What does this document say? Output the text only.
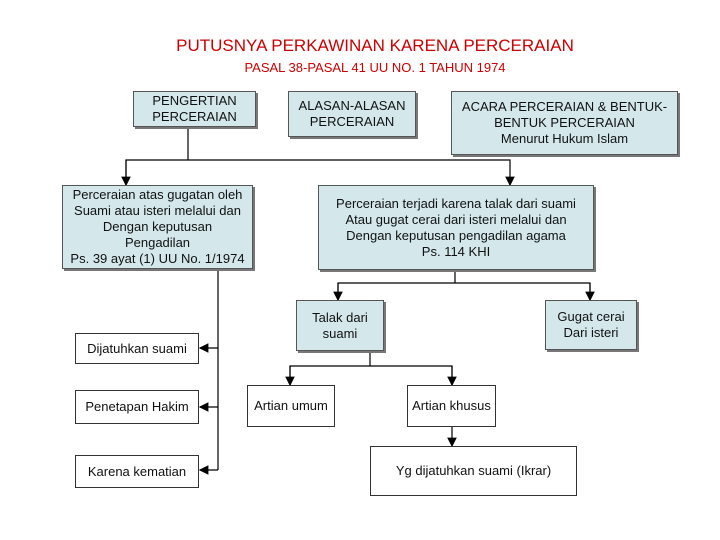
PUTUSNYA PERKAWINAN KARENA PERCERAIAN
PASAL 38-PASAL 41 UU NO. 1 TAHUN 1974
PENGERTIAN
PERCERAIAN
ALASAN-ALASAN
PERCERAIAN
ACARA PERCERAIAN & BENTUK-
BENTUK PERCERAIAN
Menurut Hukum Islam
Perceraian atas gugatan oleh
Suami atau isteri melalui dan
Dengan keputusan
Pengadilan
Ps. 39 ayat (1) UU No. 1/1974
Perceraian terjadi karena talak dari suami
Atau gugat cerai dari isteri melalui dan
Dengan keputusan pengadilan agama
Ps. 114 KHI
Talak dari
suami
Gugat cerai
Dari isteri
Dijatuhkan suami
Penetapan Hakim
Karena kematian
Artian umum	Artian khusus
Yg dijatuhkan suami (Ikrar)
